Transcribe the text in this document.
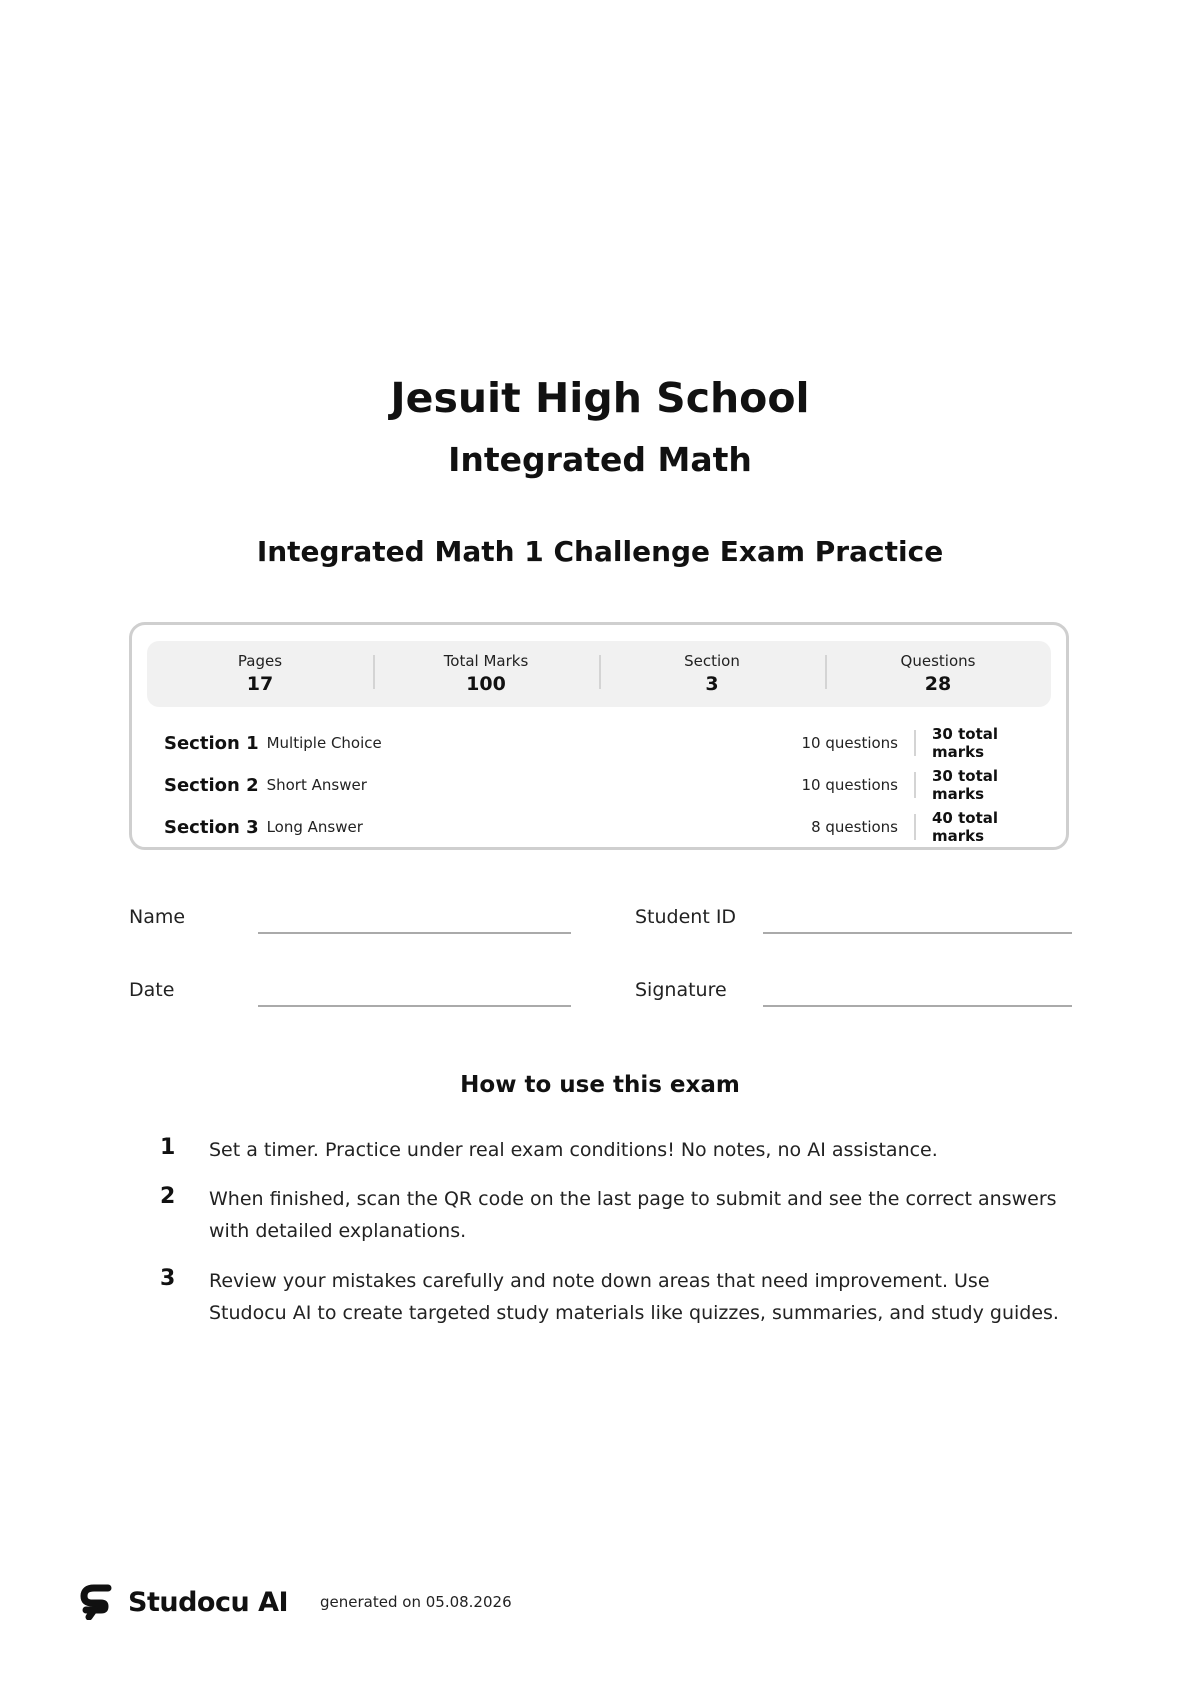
Jesuit High School
Integrated Math
Integrated Math 1 Challenge Exam Practice
Pages
17
Total Marks
100
Section
3
Questions
28
Section 1 Multiple Choice	10 questions	30 total marks
Section 2 Short Answer	10 questions	30 total marks
Section 3 Long Answer	8 questions	40 total marks
Name	Student ID
Date	Signature
How to use this exam
1	Set a timer. Practice under real exam conditions! No notes, no AI assistance.
2	When finished, scan the QR code on the last page to submit and see the correct answers with detailed explanations.
3	Review your mistakes carefully and note down areas that need improvement. Use Studocu AI to create targeted study materials like quizzes, summaries, and study guides.
Studocu AI generated on 05.08.2026
